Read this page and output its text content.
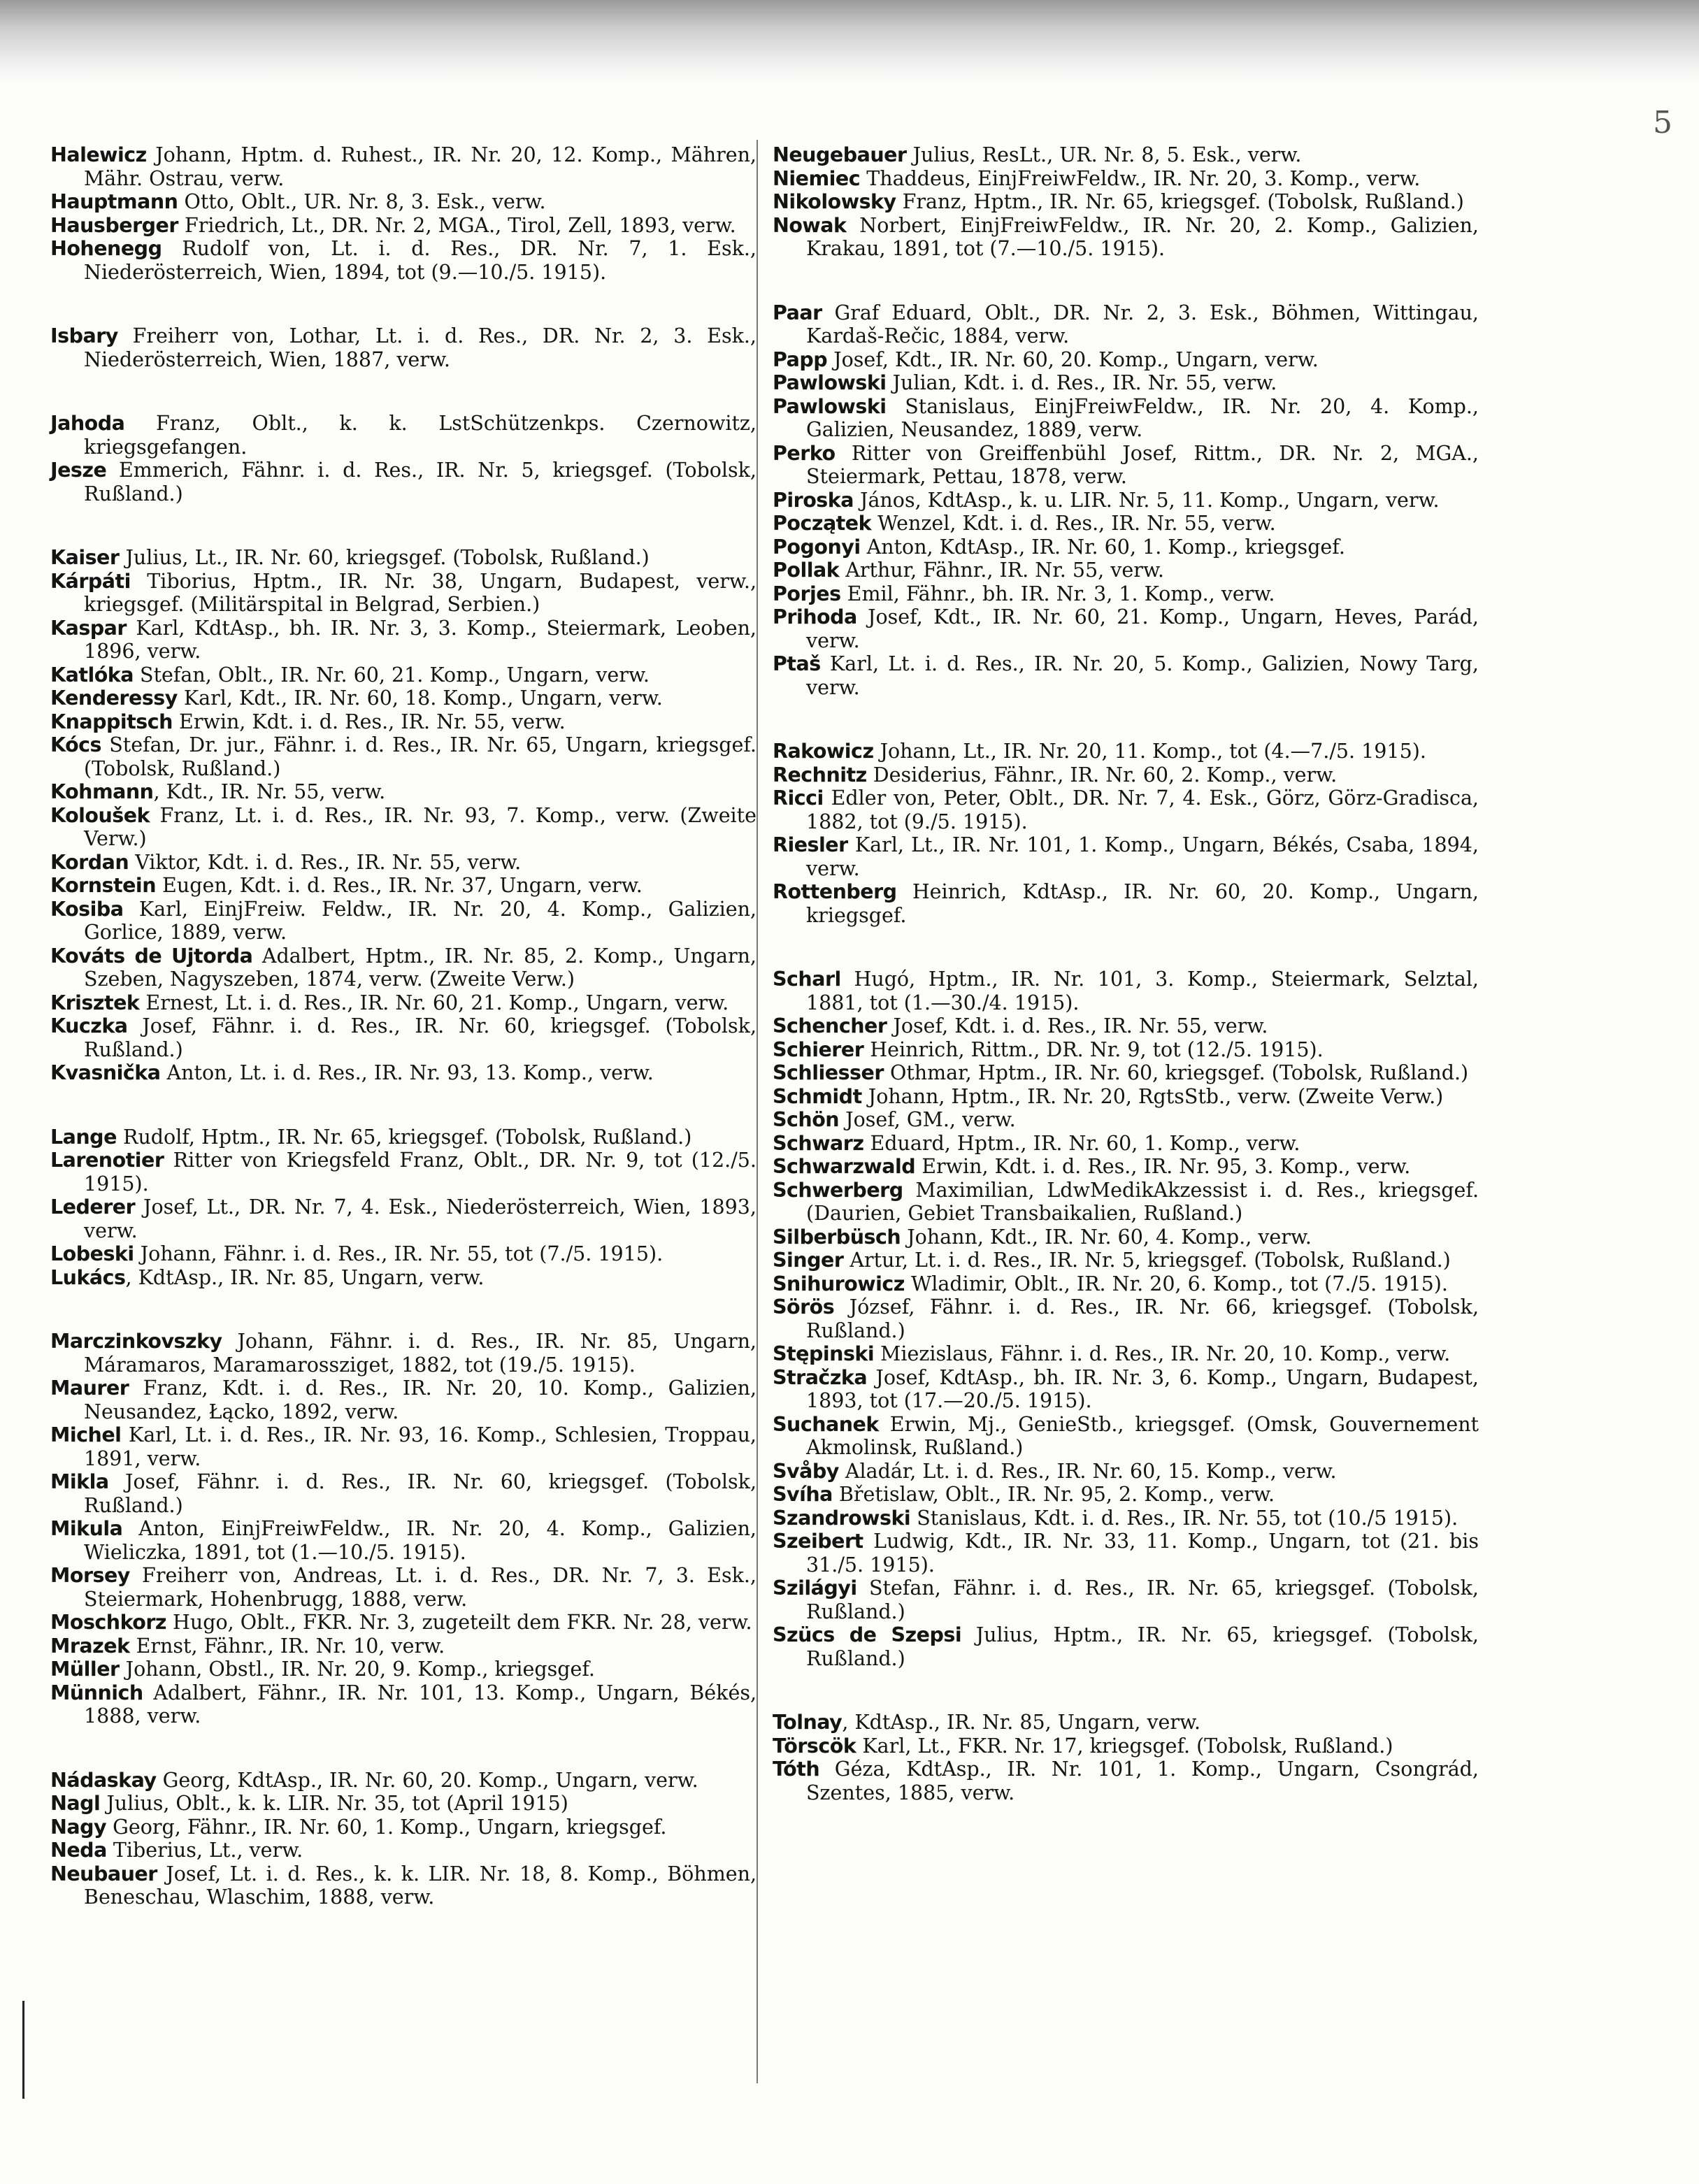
5

Halewicz Johann, Hptm. d. Ruhest., IR. Nr. 20, 12. Komp., Mähren, Mähr. Ostrau, verw.

Hauptmann Otto, Oblt., UR. Nr. 8, 3. Esk., verw.

Hausberger Friedrich, Lt., DR. Nr. 2, MGA., Tirol, Zell, 1893, verw.

Hohenegg Rudolf von, Lt. i. d. Res., DR. Nr. 7, 1. Esk., Niederösterreich, Wien, 1894, tot (9.—10./5. 1915).

Isbary Freiherr von, Lothar, Lt. i. d. Res., DR. Nr. 2, 3. Esk., Niederösterreich, Wien, 1887, verw.

Jahoda Franz, Oblt., k. k. LstSchützenkps. Czernowitz, kriegsgefangen.

Jesze Emmerich, Fähnr. i. d. Res., IR. Nr. 5, kriegsgef. (Tobolsk, Rußland.)

Kaiser Julius, Lt., IR. Nr. 60, kriegsgef. (Tobolsk, Rußland.)

Kárpáti Tiborius, Hptm., IR. Nr. 38, Ungarn, Budapest, verw., kriegsgef. (Militärspital in Belgrad, Serbien.)

Kaspar Karl, KdtAsp., bh. IR. Nr. 3, 3. Komp., Steiermark, Leoben, 1896, verw.

Katlóka Stefan, Oblt., IR. Nr. 60, 21. Komp., Ungarn, verw.

Kenderessy Karl, Kdt., IR. Nr. 60, 18. Komp., Ungarn, verw.

Knappitsch Erwin, Kdt. i. d. Res., IR. Nr. 55, verw.

Kócs Stefan, Dr. jur., Fähnr. i. d. Res., IR. Nr. 65, Ungarn, kriegsgef. (Tobolsk, Rußland.)

Kohmann, Kdt., IR. Nr. 55, verw.

Koloušek Franz, Lt. i. d. Res., IR. Nr. 93, 7. Komp., verw. (Zweite Verw.)

Kordan Viktor, Kdt. i. d. Res., IR. Nr. 55, verw.

Kornstein Eugen, Kdt. i. d. Res., IR. Nr. 37, Ungarn, verw.

Kosiba Karl, EinjFreiw. Feldw., IR. Nr. 20, 4. Komp., Galizien, Gorlice, 1889, verw.

Kováts de Ujtorda Adalbert, Hptm., IR. Nr. 85, 2. Komp., Ungarn, Szeben, Nagyszeben, 1874, verw. (Zweite Verw.)

Krisztek Ernest, Lt. i. d. Res., IR. Nr. 60, 21. Komp., Ungarn, verw.

Kuczka Josef, Fähnr. i. d. Res., IR. Nr. 60, kriegsgef. (Tobolsk, Rußland.)

Kvasnička Anton, Lt. i. d. Res., IR. Nr. 93, 13. Komp., verw.

Lange Rudolf, Hptm., IR. Nr. 65, kriegsgef. (Tobolsk, Rußland.)

Larenotier Ritter von Kriegsfeld Franz, Oblt., DR. Nr. 9, tot (12./5. 1915).

Lederer Josef, Lt., DR. Nr. 7, 4. Esk., Niederösterreich, Wien, 1893, verw.

Lobeski Johann, Fähnr. i. d. Res., IR. Nr. 55, tot (7./5. 1915).

Lukács, KdtAsp., IR. Nr. 85, Ungarn, verw.

Marczinkovszky Johann, Fähnr. i. d. Res., IR. Nr. 85, Ungarn, Máramaros, Maramarossziget, 1882, tot (19./5. 1915).

Maurer Franz, Kdt. i. d. Res., IR. Nr. 20, 10. Komp., Galizien, Neusandez, Łącko, 1892, verw.

Michel Karl, Lt. i. d. Res., IR. Nr. 93, 16. Komp., Schlesien, Troppau, 1891, verw.

Mikla Josef, Fähnr. i. d. Res., IR. Nr. 60, kriegsgef. (Tobolsk, Rußland.)

Mikula Anton, EinjFreiwFeldw., IR. Nr. 20, 4. Komp., Galizien, Wieliczka, 1891, tot (1.—10./5. 1915).

Morsey Freiherr von, Andreas, Lt. i. d. Res., DR. Nr. 7, 3. Esk., Steiermark, Hohenbrugg, 1888, verw.

Moschkorz Hugo, Oblt., FKR. Nr. 3, zugeteilt dem FKR. Nr. 28, verw.

Mrazek Ernst, Fähnr., IR. Nr. 10, verw.

Müller Johann, Obstl., IR. Nr. 20, 9. Komp., kriegsgef.

Münnich Adalbert, Fähnr., IR. Nr. 101, 13. Komp., Ungarn, Békés, 1888, verw.

Nádaskay Georg, KdtAsp., IR. Nr. 60, 20. Komp., Ungarn, verw.

Nagl Julius, Oblt., k. k. LIR. Nr. 35, tot (April 1915)

Nagy Georg, Fähnr., IR. Nr. 60, 1. Komp., Ungarn, kriegsgef.

Neda Tiberius, Lt., verw.

Neubauer Josef, Lt. i. d. Res., k. k. LIR. Nr. 18, 8. Komp., Böhmen, Beneschau, Wlaschim, 1888, verw.

Neugebauer Julius, ResLt., UR. Nr. 8, 5. Esk., verw.

Niemiec Thaddeus, EinjFreiwFeldw., IR. Nr. 20, 3. Komp., verw.

Nikolowsky Franz, Hptm., IR. Nr. 65, kriegsgef. (Tobolsk, Rußland.)

Nowak Norbert, EinjFreiwFeldw., IR. Nr. 20, 2. Komp., Galizien, Krakau, 1891, tot (7.—10./5. 1915).

Paar Graf Eduard, Oblt., DR. Nr. 2, 3. Esk., Böhmen, Wittingau, Kardaš-Rečic, 1884, verw.

Papp Josef, Kdt., IR. Nr. 60, 20. Komp., Ungarn, verw.

Pawlowski Julian, Kdt. i. d. Res., IR. Nr. 55, verw.

Pawlowski Stanislaus, EinjFreiwFeldw., IR. Nr. 20, 4. Komp., Galizien, Neusandez, 1889, verw.

Perko Ritter von Greiffenbühl Josef, Rittm., DR. Nr. 2, MGA., Steiermark, Pettau, 1878, verw.

Piroska János, KdtAsp., k. u. LIR. Nr. 5, 11. Komp., Ungarn, verw.

Początek Wenzel, Kdt. i. d. Res., IR. Nr. 55, verw.

Pogonyi Anton, KdtAsp., IR. Nr. 60, 1. Komp., kriegsgef.

Pollak Arthur, Fähnr., IR. Nr. 55, verw.

Porjes Emil, Fähnr., bh. IR. Nr. 3, 1. Komp., verw.

Prihoda Josef, Kdt., IR. Nr. 60, 21. Komp., Ungarn, Heves, Parád, verw.

Ptaš Karl, Lt. i. d. Res., IR. Nr. 20, 5. Komp., Galizien, Nowy Targ, verw.

Rakowicz Johann, Lt., IR. Nr. 20, 11. Komp., tot (4.—7./5. 1915).

Rechnitz Desiderius, Fähnr., IR. Nr. 60, 2. Komp., verw.

Ricci Edler von, Peter, Oblt., DR. Nr. 7, 4. Esk., Görz, Görz-Gradisca, 1882, tot (9./5. 1915).

Riesler Karl, Lt., IR. Nr. 101, 1. Komp., Ungarn, Békés, Csaba, 1894, verw.

Rottenberg Heinrich, KdtAsp., IR. Nr. 60, 20. Komp., Ungarn, kriegsgef.

Scharl Hugó, Hptm., IR. Nr. 101, 3. Komp., Steiermark, Selztal, 1881, tot (1.—30./4. 1915).

Schencher Josef, Kdt. i. d. Res., IR. Nr. 55, verw.

Schierer Heinrich, Rittm., DR. Nr. 9, tot (12./5. 1915).

Schliesser Othmar, Hptm., IR. Nr. 60, kriegsgef. (Tobolsk, Rußland.)

Schmidt Johann, Hptm., IR. Nr. 20, RgtsStb., verw. (Zweite Verw.)

Schön Josef, GM., verw.

Schwarz Eduard, Hptm., IR. Nr. 60, 1. Komp., verw.

Schwarzwald Erwin, Kdt. i. d. Res., IR. Nr. 95, 3. Komp., verw.

Schwerberg Maximilian, LdwMedikAkzessist i. d. Res., kriegsgef. (Daurien, Gebiet Transbaikalien, Rußland.)

Silberbüsch Johann, Kdt., IR. Nr. 60, 4. Komp., verw.

Singer Artur, Lt. i. d. Res., IR. Nr. 5, kriegsgef. (Tobolsk, Rußland.)

Snihurowicz Wladimir, Oblt., IR. Nr. 20, 6. Komp., tot (7./5. 1915).

Sörös József, Fähnr. i. d. Res., IR. Nr. 66, kriegsgef. (Tobolsk, Rußland.)

Stępinski Miezislaus, Fähnr. i. d. Res., IR. Nr. 20, 10. Komp., verw.

Stračzka Josef, KdtAsp., bh. IR. Nr. 3, 6. Komp., Ungarn, Budapest, 1893, tot (17.—20./5. 1915).

Suchanek Erwin, Mj., GenieStb., kriegsgef. (Omsk, Gouvernement Akmolinsk, Rußland.)

Svåby Aladár, Lt. i. d. Res., IR. Nr. 60, 15. Komp., verw.

Svíha Břetislaw, Oblt., IR. Nr. 95, 2. Komp., verw.

Szandrowski Stanislaus, Kdt. i. d. Res., IR. Nr. 55, tot (10./5 1915).

Szeibert Ludwig, Kdt., IR. Nr. 33, 11. Komp., Ungarn, tot (21. bis 31./5. 1915).

Szilágyi Stefan, Fähnr. i. d. Res., IR. Nr. 65, kriegsgef. (Tobolsk, Rußland.)

Szücs de Szepsi Julius, Hptm., IR. Nr. 65, kriegsgef. (Tobolsk, Rußland.)

Tolnay, KdtAsp., IR. Nr. 85, Ungarn, verw.

Törscök Karl, Lt., FKR. Nr. 17, kriegsgef. (Tobolsk, Rußland.)

Tóth Géza, KdtAsp., IR. Nr. 101, 1. Komp., Ungarn, Csongrád, Szentes, 1885, verw.
